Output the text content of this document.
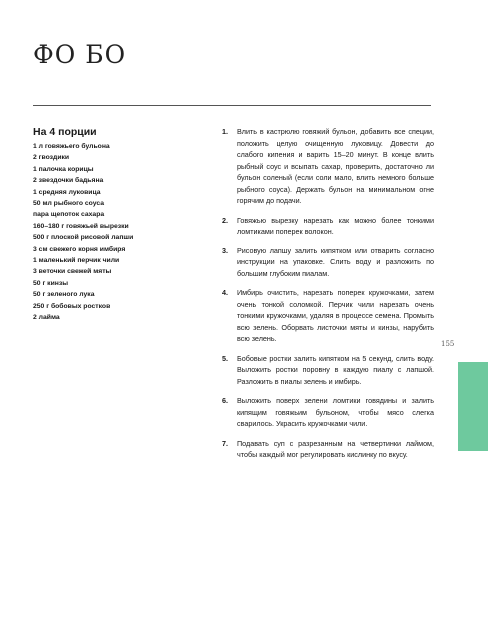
ФО БО
На 4 порции
1 л говяжьего бульона
2 гвоздики
1 палочка корицы
2 звездочки бадьяна
1 средняя луковица
50 мл рыбного соуса
пара щепоток сахара
160–180 г говяжьей вырезки
500 г плоской рисовой лапши
3 см свежего корня имбиря
1 маленький перчик чили
3 веточки свежей мяты
50 г кинзы
50 г зеленого лука
250 г бобовых ростков
2 лайма
1. Влить в кастрюлю говяжий бульон, добавить все специи, положить целую очищенную луковицу. Довести до слабого кипения и варить 15–20 минут. В конце влить рыбный соус и всыпать сахар, проверить, достаточно ли бульон соленый (если соли мало, влить немного больше рыбного соуса). Держать бульон на минимальном огне горячим до подачи.
2. Говяжью вырезку нарезать как можно более тонкими ломтиками поперек волокон.
3. Рисовую лапшу залить кипятком или отварить согласно инструкции на упаковке. Слить воду и разложить по большим глубоким пиалам.
4. Имбирь очистить, нарезать поперек кружочками, затем очень тонкой соломкой. Перчик чили нарезать очень тонкими кружочками, удаляя в процессе семена. Промыть всю зелень. Оборвать листочки мяты и кинзы, нарубить всю зелень.
5. Бобовые ростки залить кипятком на 5 секунд, слить воду. Выложить ростки поровну в каждую пиалу с лапшой. Разложить в пиалы зелень и имбирь.
6. Выложить поверх зелени ломтики говядины и залить кипящим говяжьим бульоном, чтобы мясо слегка сварилось. Украсить кружочками чили.
7. Подавать суп с разрезанным на четвертинки лаймом, чтобы каждый мог регулировать кислинку по вкусу.
155
